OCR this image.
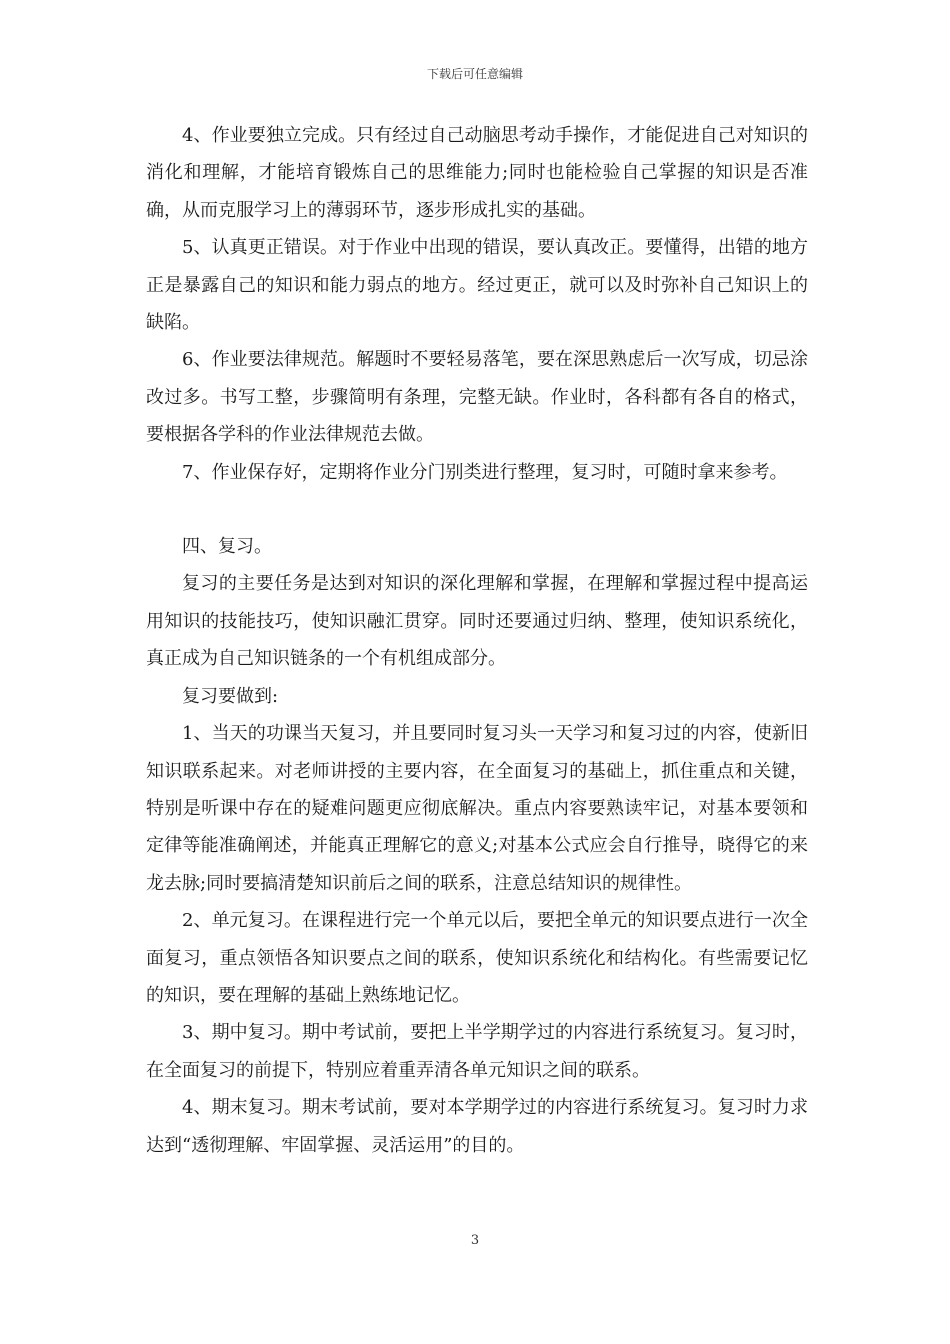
下载后可任意编辑

4、作业要独立完成。只有经过自己动脑思考动手操作，才能促进自己对知识的消化和理解，才能培育锻炼自己的思维能力;同时也能检验自己掌握的知识是否准确，从而克服学习上的薄弱环节，逐步形成扎实的基础。

5、认真更正错误。对于作业中出现的错误，要认真改正。要懂得，出错的地方正是暴露自己的知识和能力弱点的地方。经过更正，就可以及时弥补自己知识上的缺陷。

6、作业要法律规范。解题时不要轻易落笔，要在深思熟虑后一次写成，切忌涂改过多。书写工整，步骤简明有条理，完整无缺。作业时，各科都有各自的格式，要根据各学科的作业法律规范去做。

7、作业保存好，定期将作业分门别类进行整理，复习时，可随时拿来参考。

四、复习。

复习的主要任务是达到对知识的深化理解和掌握，在理解和掌握过程中提高运用知识的技能技巧，使知识融汇贯穿。同时还要通过归纳、整理，使知识系统化，真正成为自己知识链条的一个有机组成部分。

复习要做到:

1、当天的功课当天复习，并且要同时复习头一天学习和复习过的内容，使新旧知识联系起来。对老师讲授的主要内容，在全面复习的基础上，抓住重点和关键，特别是听课中存在的疑难问题更应彻底解决。重点内容要熟读牢记，对基本要领和定律等能准确阐述，并能真正理解它的意义;对基本公式应会自行推导，晓得它的来龙去脉;同时要搞清楚知识前后之间的联系，注意总结知识的规律性。

2、单元复习。在课程进行完一个单元以后，要把全单元的知识要点进行一次全面复习，重点领悟各知识要点之间的联系，使知识系统化和结构化。有些需要记忆的知识，要在理解的基础上熟练地记忆。

3、期中复习。期中考试前，要把上半学期学过的内容进行系统复习。复习时，在全面复习的前提下，特别应着重弄清各单元知识之间的联系。

4、期末复习。期末考试前，要对本学期学过的内容进行系统复习。复习时力求达到“透彻理解、牢固掌握、灵活运用”的目的。

3
